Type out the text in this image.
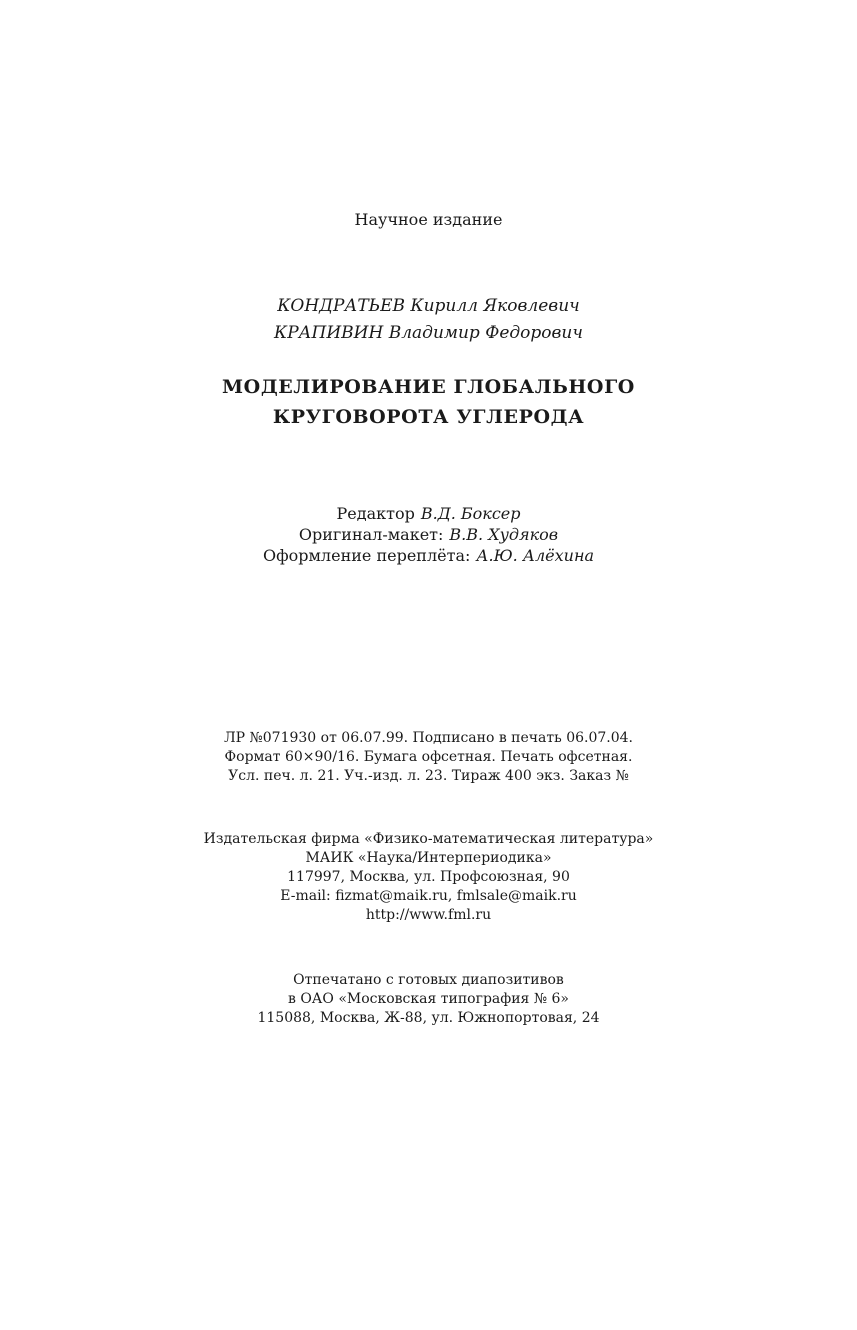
Научное издание
КОНДРАТЬЕВ Кирилл Яковлевич
КРАПИВИН Владимир Федорович
МОДЕЛИРОВАНИЕ ГЛОБАЛЬНОГО
КРУГОВОРОТА УГЛЕРОДА
Редактор В.Д. Боксер
Оригинал-макет: В.В. Худяков
Оформление переплёта: А.Ю. Алёхина
ЛР №071930 от 06.07.99. Подписано в печать 06.07.04.
Формат 60×90/16. Бумага офсетная. Печать офсетная.
Усл. печ. л. 21. Уч.-изд. л. 23. Тираж 400 экз. Заказ №
Издательская фирма «Физико-математическая литература»
МАИК «Наука/Интерпериодика»
117997, Москва, ул. Профсоюзная, 90
E-mail: fizmat@maik.ru, fmlsale@maik.ru
http://www.fml.ru
Отпечатано с готовых диапозитивов
в ОАО «Московская типография № 6»
115088, Москва, Ж-88, ул. Южнопортовая, 24
